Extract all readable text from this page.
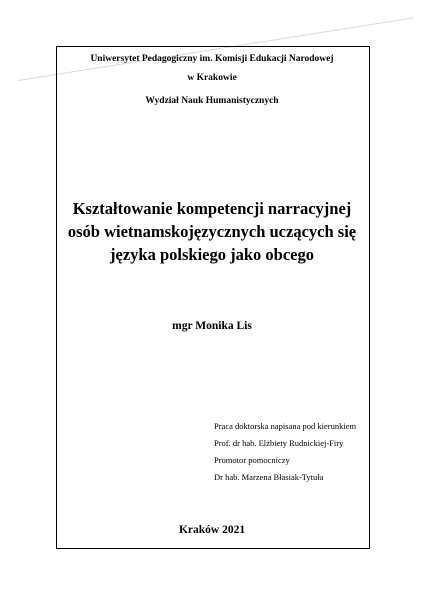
Uniwersytet Pedagogiczny im. Komisji Edukacji Narodowej
w Krakowie
Wydział Nauk Humanistycznych
Kształtowanie kompetencji narracyjnej
osób wietnamskojęzycznych uczących się
języka polskiego jako obcego
mgr Monika Lis
Praca doktorska napisana pod kierunkiem
Prof. dr hab. Elżbiety Rudnickiej-Firy
Promotor pomocniczy
Dr hab. Marzena Błasiak-Tytuła
Kraków 2021
